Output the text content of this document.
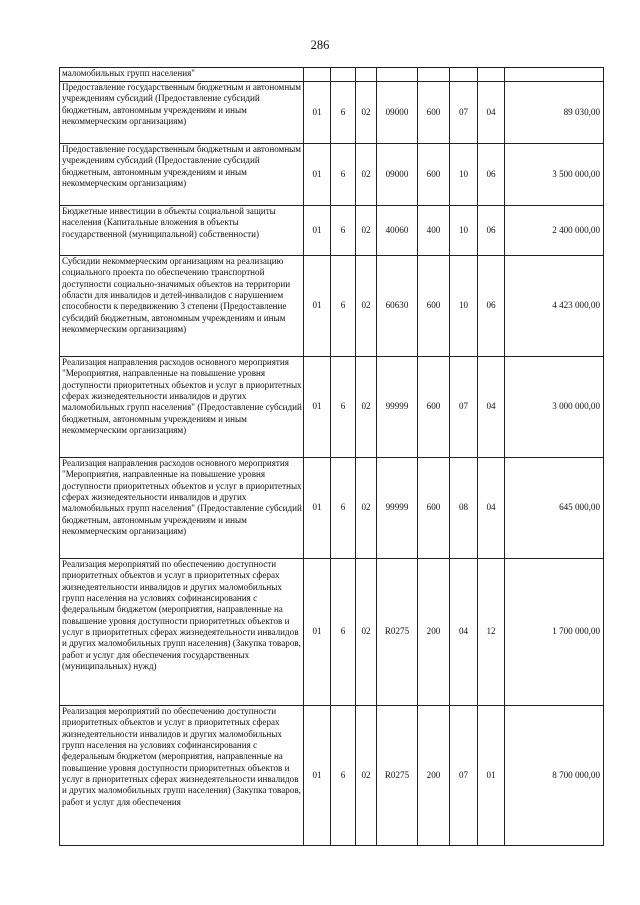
286
маломобильных групп населения"								
Предоставление государственным бюджетным и автономным учреждениям субсидий (Предоставление субсидий бюджетным, автономным учреждениям и иным некоммерческим организациям)	01	6	02	09000	600	07	04	89 030,00
Предоставление государственным бюджетным и автономным учреждениям субсидий (Предоставление субсидий бюджетным, автономным учреждениям и иным некоммерческим организациям)	01	6	02	09000	600	10	06	3 500 000,00
Бюджетные инвестиции в объекты социальной защиты населения (Капитальные вложения в объекты государственной (муниципальной) собственности)	01	6	02	40060	400	10	06	2 400 000,00
Субсидии некоммерческим организациям на реализацию социального проекта по обеспечению транспортной доступности социально-значимых объектов на территории области для инвалидов и детей-инвалидов с нарушением способности к передвижению 3 степени (Предоставление субсидий бюджетным, автономным учреждениям и иным некоммерческим организациям)	01	6	02	60630	600	10	06	4 423 000,00
Реализация направления расходов основного мероприятия "Мероприятия, направленные на повышение уровня доступности приоритетных объектов и услуг в приоритетных сферах жизнедеятельности инвалидов и других маломобильных групп населения" (Предоставление субсидий бюджетным, автономным учреждениям и иным некоммерческим организациям)	01	6	02	99999	600	07	04	3 000 000,00
Реализация направления расходов основного мероприятия "Мероприятия, направленные на повышение уровня доступности приоритетных объектов и услуг в приоритетных сферах жизнедеятельности инвалидов и других маломобильных групп населения" (Предоставление субсидий бюджетным, автономным учреждениям и иным некоммерческим организациям)	01	6	02	99999	600	08	04	645 000,00
Реализация мероприятий по обеспечению доступности приоритетных объектов и услуг в приоритетных сферах жизнедеятельности инвалидов и других маломобильных групп населения на условиях софинансирования с федеральным бюджетом (мероприятия, направленные на повышение уровня доступности приоритетных объектов и услуг в приоритетных сферах жизнедеятельности инвалидов и других маломобильных групп населения) (Закупка товаров, работ и услуг для обеспечения государственных (муниципальных) нужд)	01	6	02	R0275	200	04	12	1 700 000,00
Реализация мероприятий по обеспечению доступности приоритетных объектов и услуг в приоритетных сферах жизнедеятельности инвалидов и других маломобильных групп населения на условиях софинансирования с федеральным бюджетом (мероприятия, направленные на повышение уровня доступности приоритетных объектов и услуг в приоритетных сферах жизнедеятельности инвалидов и других маломобильных групп населения) (Закупка товаров, работ и услуг для обеспечения	01	6	02	R0275	200	07	01	8 700 000,00
